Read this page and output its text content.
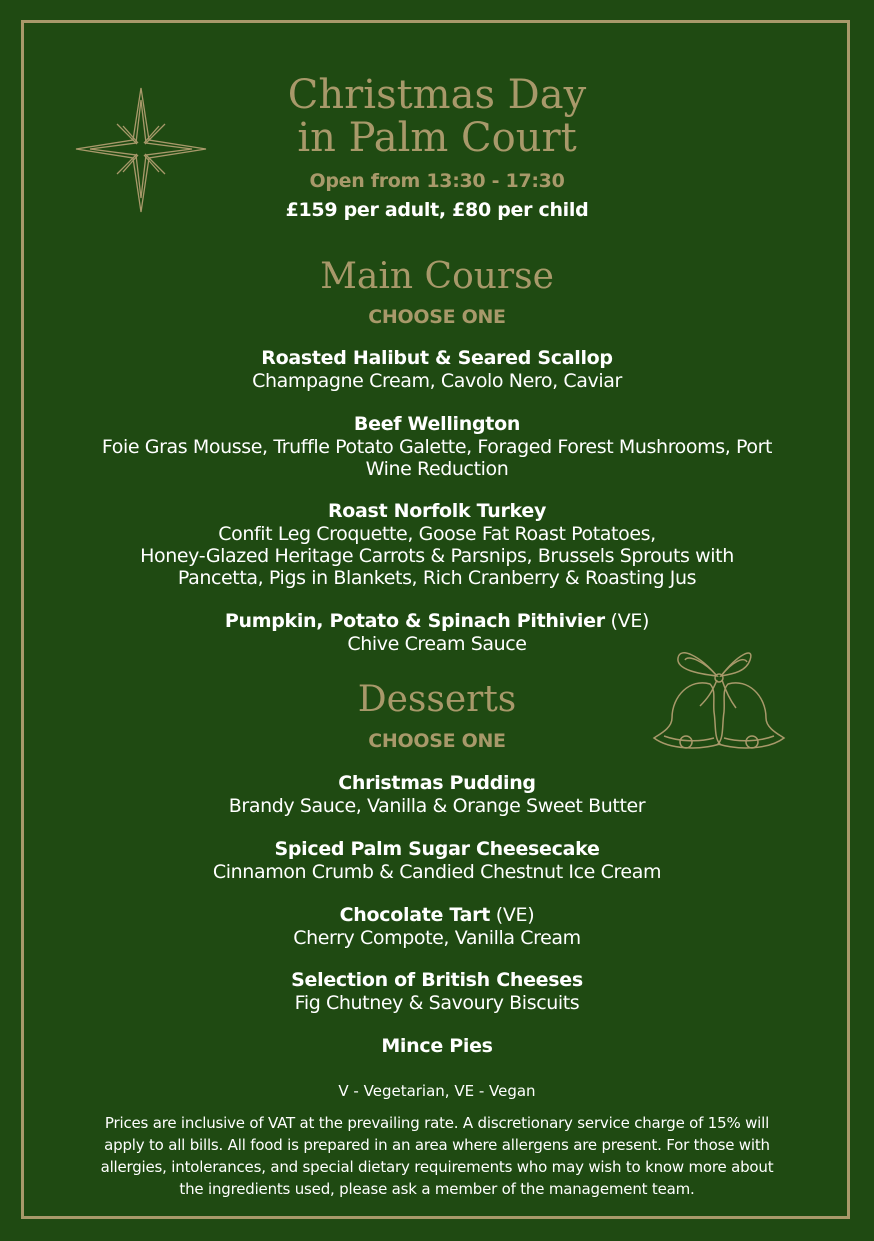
Christmas Day
in Palm Court
Open from 13:30 - 17:30
£159 per adult, £80 per child
Main Course
CHOOSE ONE
Roasted Halibut & Seared Scallop
Champagne Cream, Cavolo Nero, Caviar
Beef Wellington
Foie Gras Mousse, Truffle Potato Galette, Foraged Forest Mushrooms, Port
Wine Reduction
Roast Norfolk Turkey
Confit Leg Croquette, Goose Fat Roast Potatoes,
Honey-Glazed Heritage Carrots & Parsnips, Brussels Sprouts with
Pancetta, Pigs in Blankets, Rich Cranberry & Roasting Jus
Pumpkin, Potato & Spinach Pithivier (VE)
Chive Cream Sauce
Desserts
CHOOSE ONE
Christmas Pudding
Brandy Sauce, Vanilla & Orange Sweet Butter
Spiced Palm Sugar Cheesecake
Cinnamon Crumb & Candied Chestnut Ice Cream
Chocolate Tart (VE)
Cherry Compote, Vanilla Cream
Selection of British Cheeses
Fig Chutney & Savoury Biscuits
Mince Pies
V - Vegetarian, VE - Vegan
Prices are inclusive of VAT at the prevailing rate. A discretionary service charge of 15% will
apply to all bills. All food is prepared in an area where allergens are present. For those with
allergies, intolerances, and special dietary requirements who may wish to know more about
the ingredients used, please ask a member of the management team.
